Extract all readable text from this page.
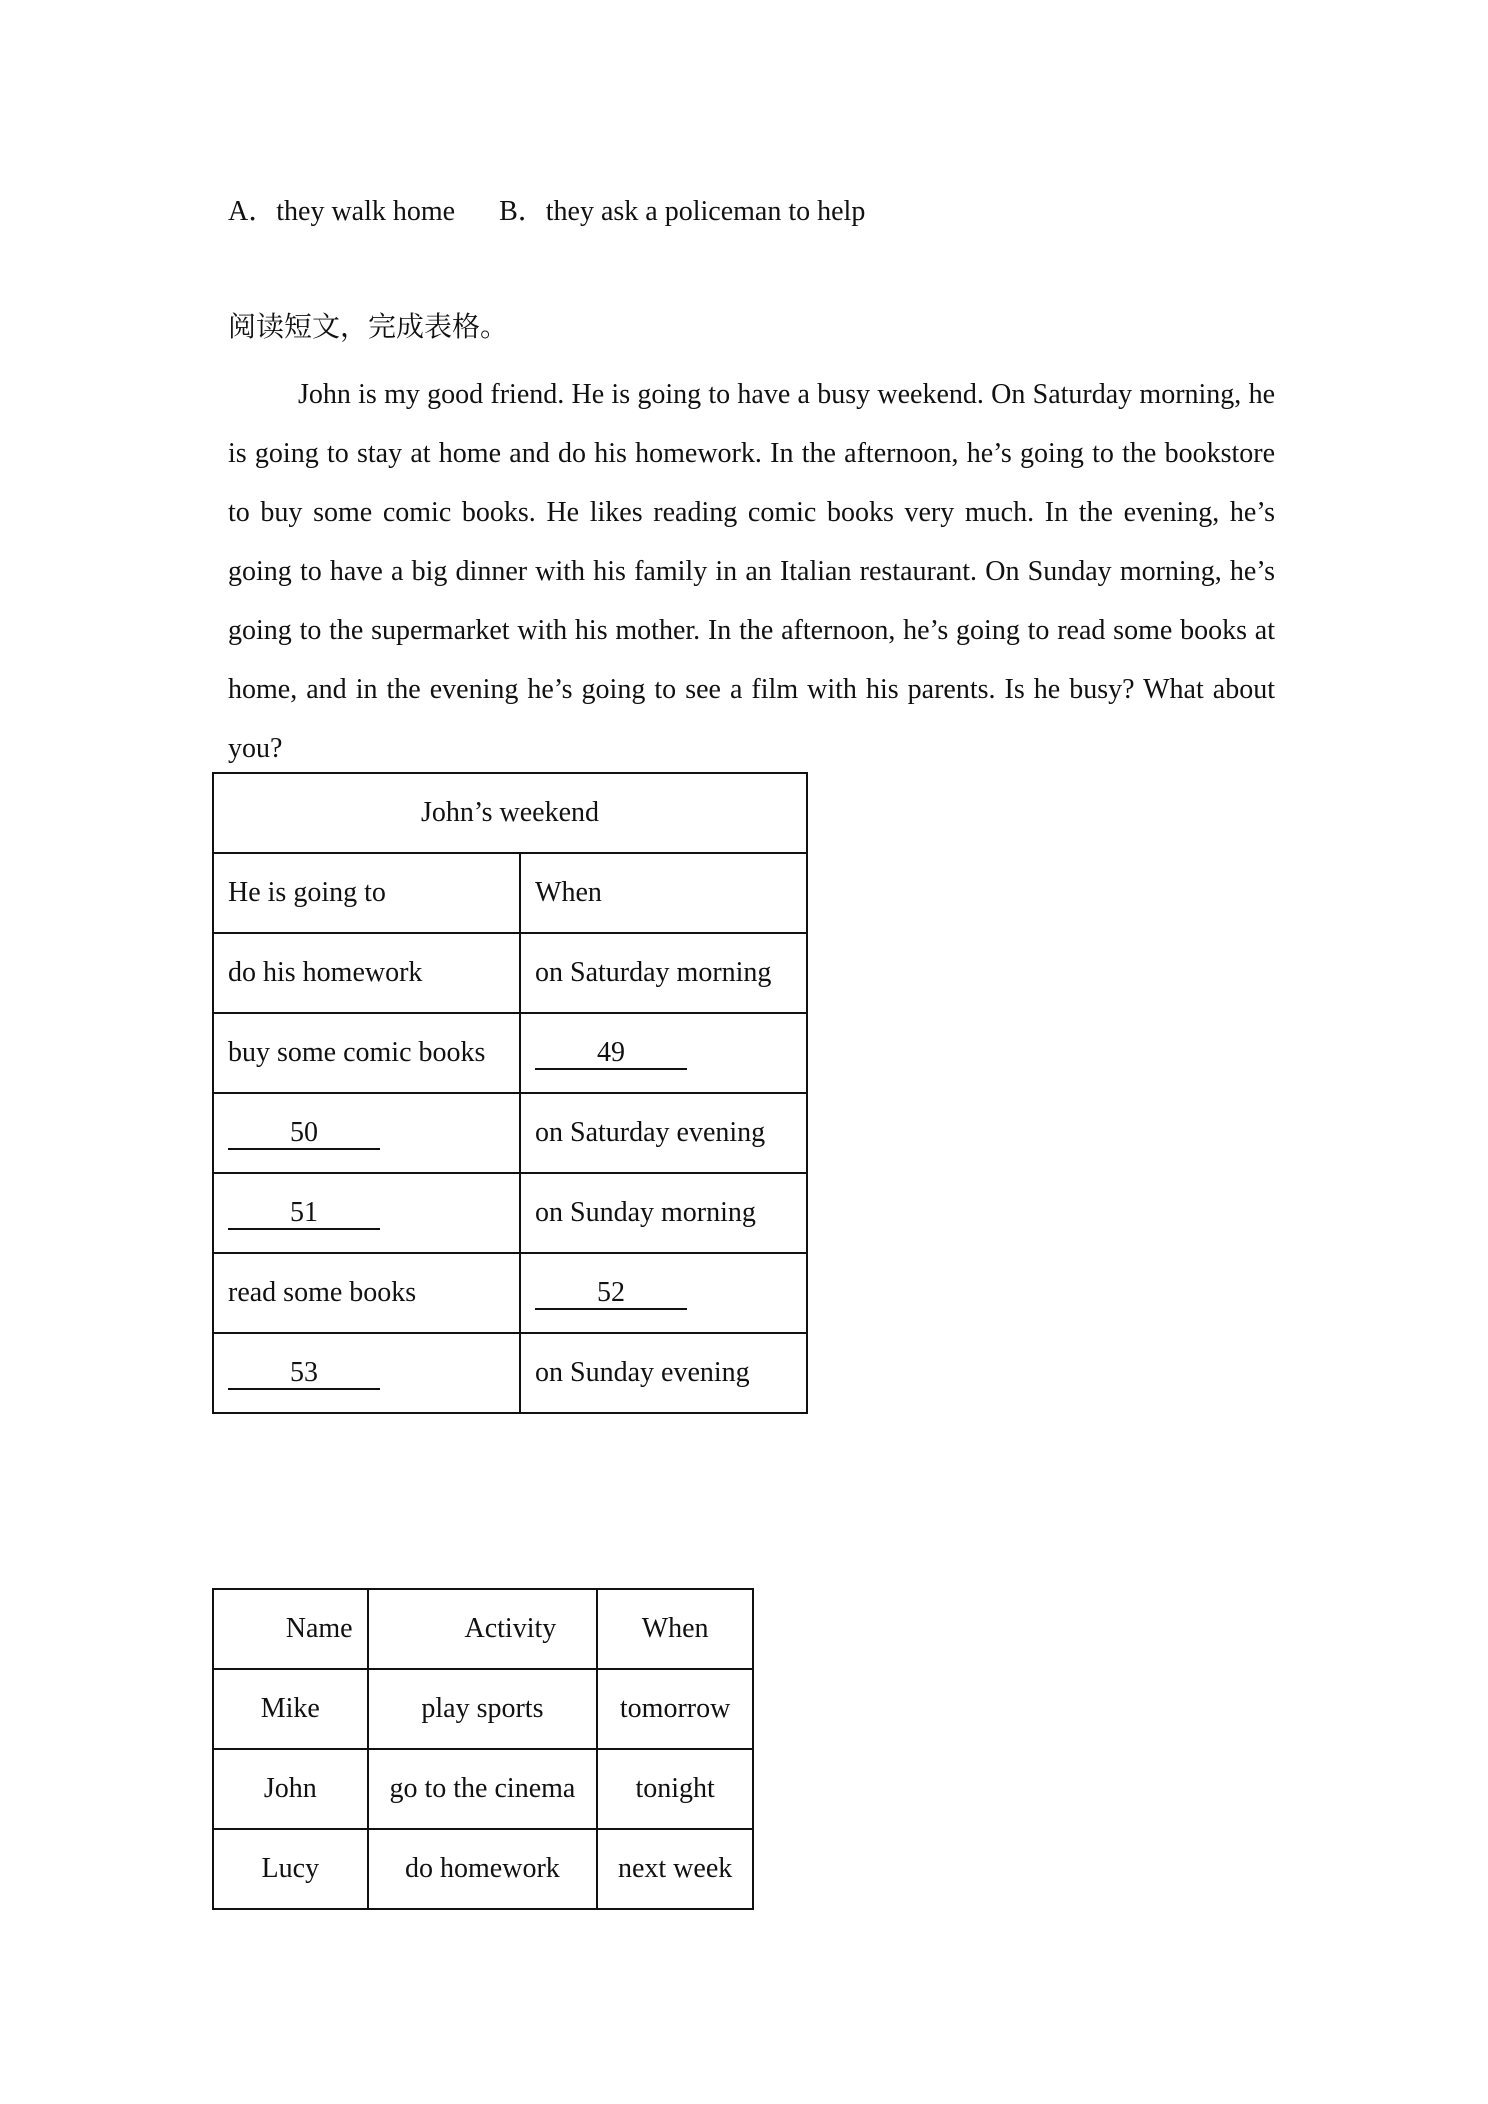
A．they walk home B．they ask a policeman to help
阅读短文，完成表格。

John is my good friend. He is going to have a busy weekend. On Saturday morning, he is going to stay at home and do his homework. In the afternoon, he’s going to the bookstore to buy some comic books. He likes reading comic books very much. In the evening, he’s going to have a big dinner with his family in an Italian restaurant. On Sunday morning, he’s going to the supermarket with his mother. In the afternoon, he’s going to read some books at home, and in the evening he’s going to see a film with his parents. Is he busy? What about you?

John’s weekend	
He is going to	When
do his homework	on Saturday morning
buy some comic books	49
50	on Saturday evening
51	on Sunday morning
read some books	52
53	on Sunday evening
Name	Activity	When
Mike	play sports	tomorrow
John	go to the cinema	tonight
Lucy	do homework	next week
